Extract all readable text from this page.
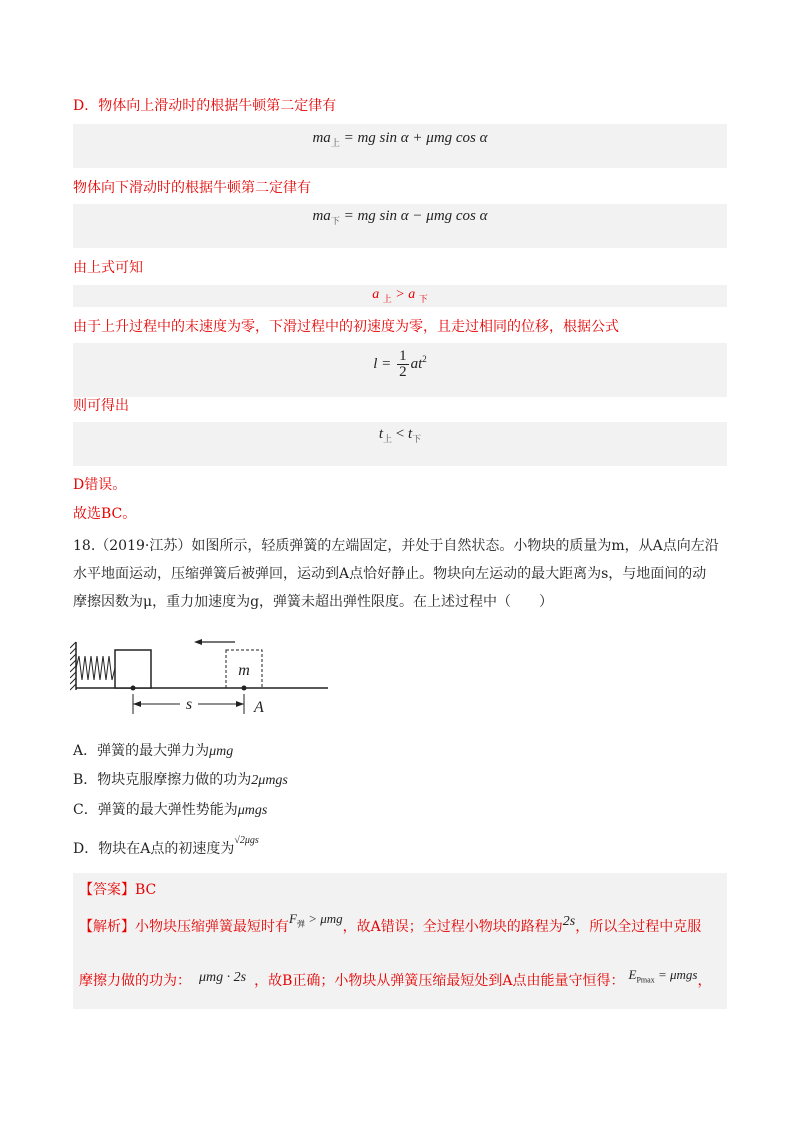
D．物体向上滑动时的根据牛顿第二定律有
$ma_上$ = mg sin α + μmg cos α
物体向下滑动时的根据牛顿第二定律有
$ma_下$ = mg sin α − μmg cos α
由上式可知
a $_上$ > a $_下$
由于上升过程中的末速度为零，下滑过程中的初速度为零，且走过相同的位移，根据公式
$l = \frac{1}{2} at^2$
则可得出
$t_上 < t_下$
D错误。
故选BC。
18.（2019·江苏）如图所示，轻质弹簧的左端固定，并处于自然状态。小物块的质量为m，从A点向左沿
水平地面运动，压缩弹簧后被弹回，运动到A点恰好静止。物块向左运动的最大距离为s，与地面间的动
摩擦因数为μ，重力加速度为g，弹簧未超出弹性限度。在上述过程中（　　）
m
s	A
A．弹簧的最大弹力为μmg
B．物块克服摩擦力做的功为2μmgs
C．弹簧的最大弹性势能为μmgs
D．物块在A点的初速度为$^{√2\mu gs}$
【答案】BC
【解析】小物块压缩弹簧最短时有$F_弹 > \mu mg$，故A错误；全过程小物块的路程为2s，所以全过程中克服
摩擦力做的功为： μmg · 2s ，故B正确；小物块从弹簧压缩最短处到A点由能量守恒得： $E_{Pmax} = \mu mgs$，
